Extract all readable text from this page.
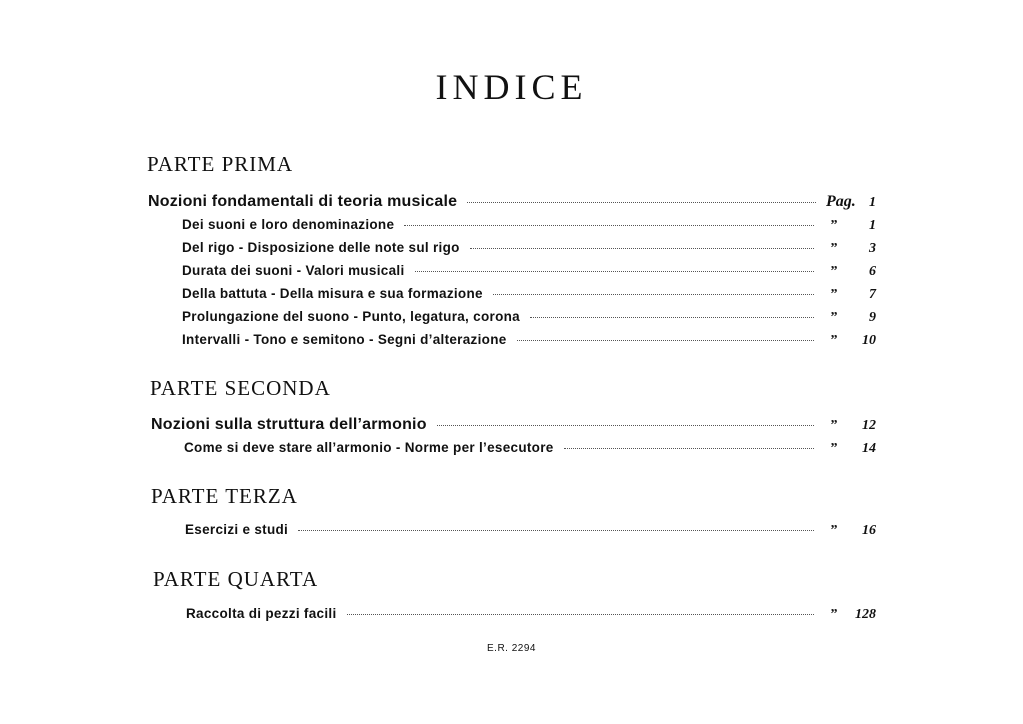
INDICE
PARTE PRIMA
Nozioni fondamentali di teoria musicale	Pag. 1
Dei suoni e loro denominazione	”	1
Del rigo - Disposizione delle note sul rigo	”	3
Durata dei suoni - Valori musicali	”	6
Della battuta - Della misura e sua formazione	”	7
Prolungazione del suono - Punto, legatura, corona	”	9
Intervalli - Tono e semitono - Segni d’alterazione	”	10
PARTE SECONDA
Nozioni sulla struttura dell’armonio	”	12
Come si deve stare all’armonio - Norme per l’esecutore	”	14
PARTE TERZA
Esercizi e studi	”	16
PARTE QUARTA
Raccolta di pezzi facili	”	128
E.R. 2294
